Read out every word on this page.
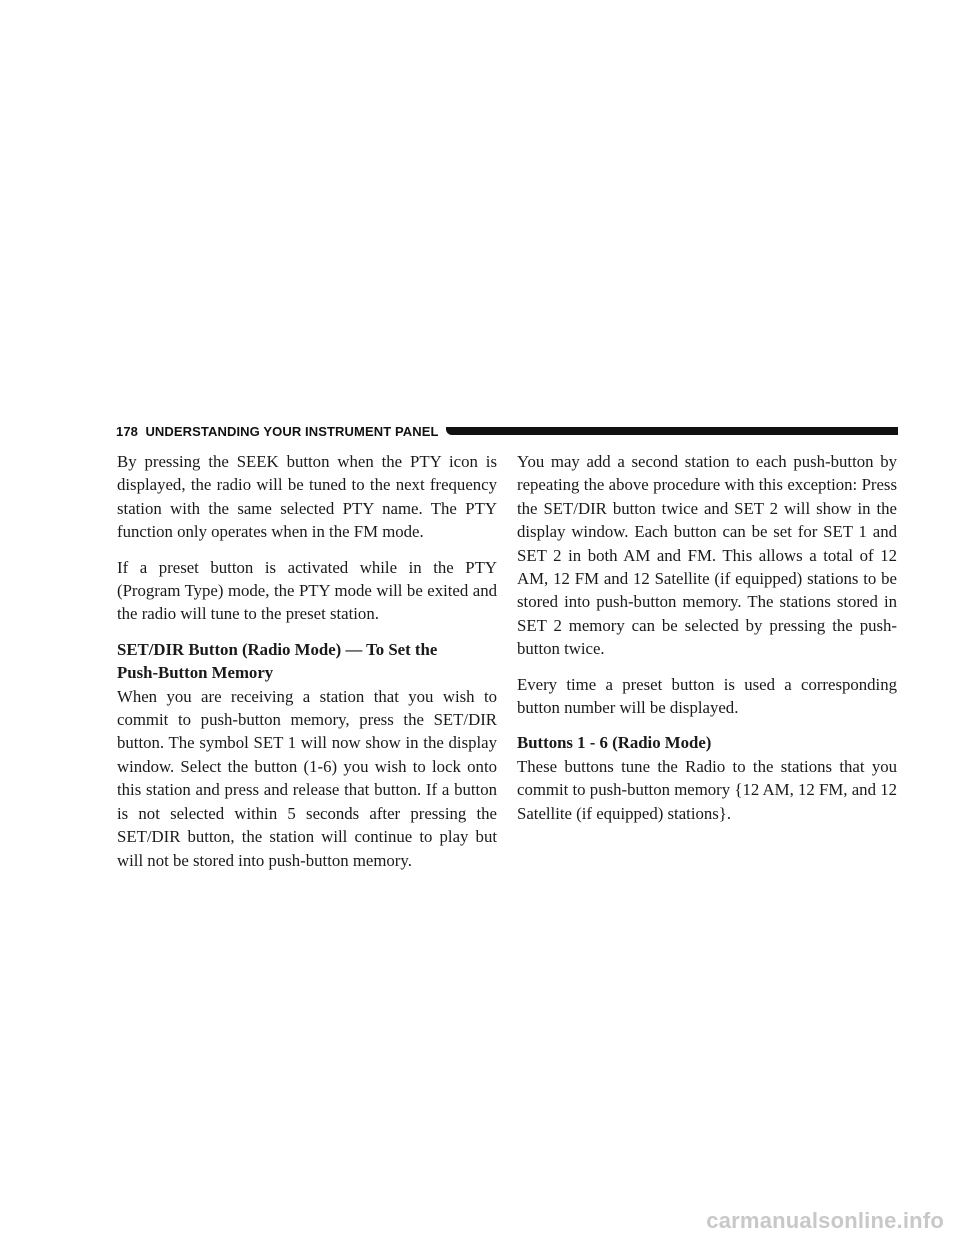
178 UNDERSTANDING YOUR INSTRUMENT PANEL

By pressing the SEEK button when the PTY icon is displayed, the radio will be tuned to the next frequency station with the same selected PTY name. The PTY function only operates when in the FM mode.

If a preset button is activated while in the PTY (Program Type) mode, the PTY mode will be exited and the radio will tune to the preset station.

SET/DIR Button (Radio Mode) — To Set the
Push-Button Memory

When you are receiving a station that you wish to commit to push-button memory, press the SET/DIR button. The symbol SET 1 will now show in the display window. Select the button (1-6) you wish to lock onto this station and press and release that button. If a button is not selected within 5 seconds after pressing the SET/DIR button, the station will continue to play but will not be stored into push-button memory.

You may add a second station to each push-button by repeating the above procedure with this exception: Press the SET/DIR button twice and SET 2 will show in the display window. Each button can be set for SET 1 and SET 2 in both AM and FM. This allows a total of 12 AM, 12 FM and 12 Satellite (if equipped) stations to be stored into push-button memory. The stations stored in SET 2 memory can be selected by pressing the push-button twice.

Every time a preset button is used a corresponding button number will be displayed.

Buttons 1 - 6 (Radio Mode)

These buttons tune the Radio to the stations that you commit to push-button memory {12 AM, 12 FM, and 12 Satellite (if equipped) stations}.

carmanualsonline.info
